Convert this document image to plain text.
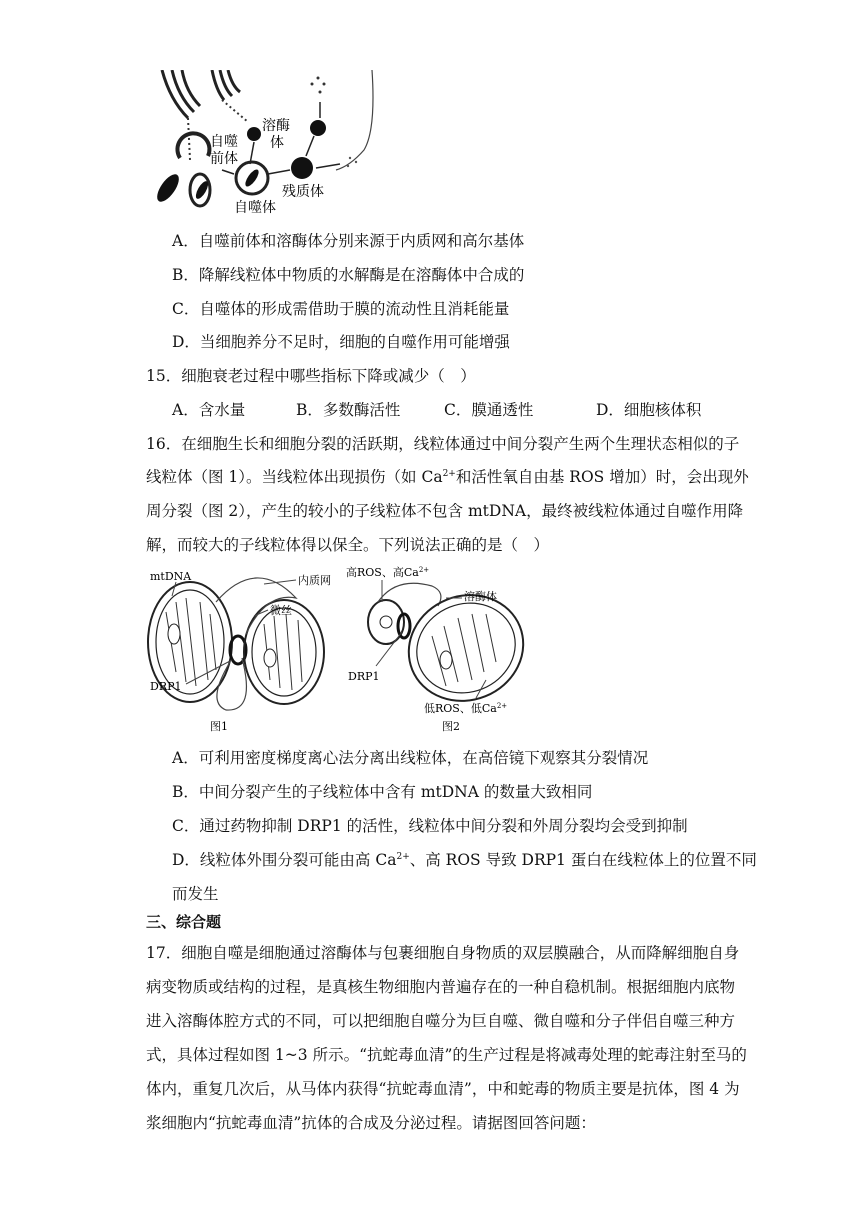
自噬
前体
溶酶
体
自噬体
残质体
A．自噬前体和溶酶体分别来源于内质网和高尔基体
B．降解线粒体中物质的水解酶是在溶酶体中合成的
C．自噬体的形成需借助于膜的流动性且消耗能量
D．当细胞养分不足时，细胞的自噬作用可能增强
15．细胞衰老过程中哪些指标下降或减少（　）
A．含水量	B．多数酶活性	C．膜通透性	D．细胞核体积
16．在细胞生长和细胞分裂的活跃期，线粒体通过中间分裂产生两个生理状态相似的子
线粒体（图 1）。当线粒体出现损伤（如 $Ca^{2+}$和活性氧自由基 ROS 增加）时，会出现外
周分裂（图 2），产生的较小的子线粒体不包含 mtDNA，最终被线粒体通过自噬作用降
解，而较大的子线粒体得以保全。下列说法正确的是（　）
mtDNA	内质网
微丝
DRP1
图1
高ROS、高$Ca^{2+}$
溶酶体
DRP1
低ROS、低$Ca^{2+}$
图2
A．可利用密度梯度离心法分离出线粒体，在高倍镜下观察其分裂情况
B．中间分裂产生的子线粒体中含有 mtDNA 的数量大致相同
C．通过药物抑制 DRP1 的活性，线粒体中间分裂和外周分裂均会受到抑制
D．线粒体外围分裂可能由高 $Ca^{2+}$、高 ROS 导致 DRP1 蛋白在线粒体上的位置不同
而发生
三、综合题
17．细胞自噬是细胞通过溶酶体与包裹细胞自身物质的双层膜融合，从而降解细胞自身
病变物质或结构的过程，是真核生物细胞内普遍存在的一种自稳机制。根据细胞内底物
进入溶酶体腔方式的不同，可以把细胞自噬分为巨自噬、微自噬和分子伴侣自噬三种方
式，具体过程如图 1~3 所示。“抗蛇毒血清”的生产过程是将减毒处理的蛇毒注射至马的
体内，重复几次后，从马体内获得“抗蛇毒血清”，中和蛇毒的物质主要是抗体，图 4 为
浆细胞内“抗蛇毒血清”抗体的合成及分泌过程。请据图回答问题：
